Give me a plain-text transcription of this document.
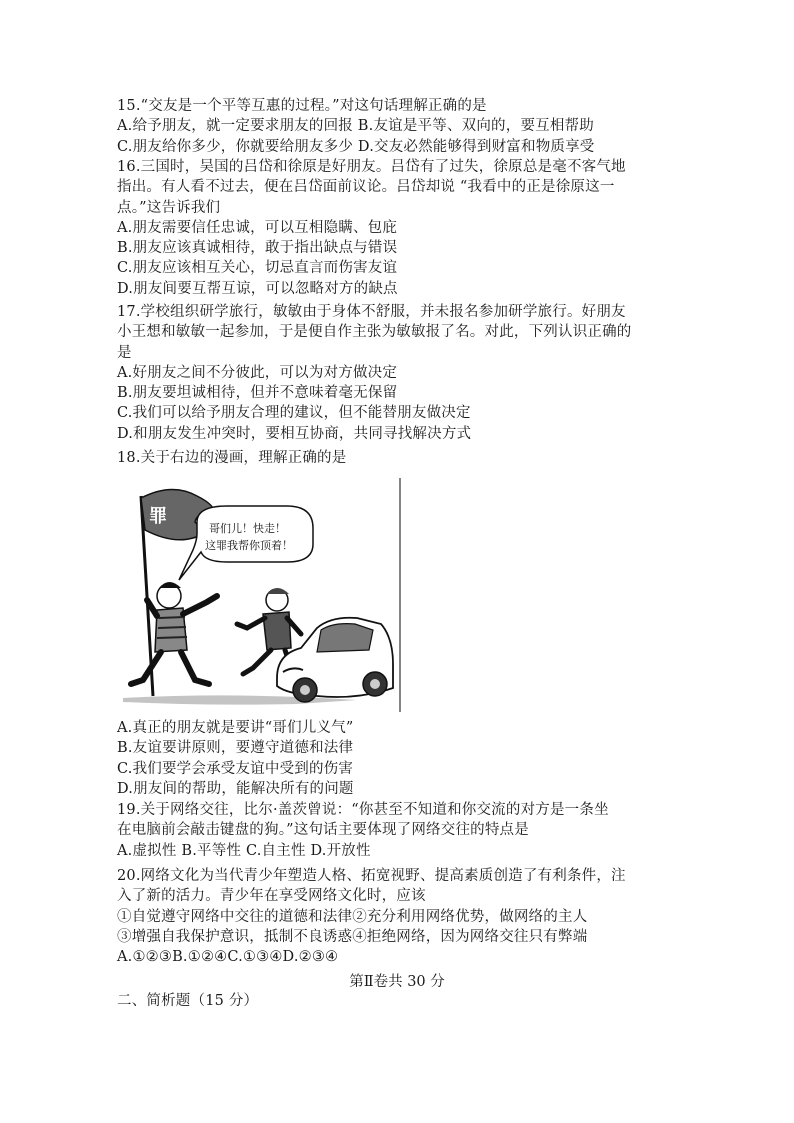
15.“交友是一个平等互惠的过程。”对这句话理解正确的是
A.给予朋友，就一定要求朋友的回报 B.友谊是平等、双向的，要互相帮助
C.朋友给你多少，你就要给朋友多少 D.交友必然能够得到财富和物质享受
16.三国时，吴国的吕岱和徐原是好朋友。吕岱有了过失，徐原总是毫不客气地
指出。有人看不过去，便在吕岱面前议论。吕岱却说 “我看中的正是徐原这一
点。”这告诉我们
A.朋友需要信任忠诚，可以互相隐瞒、包庇
B.朋友应该真诚相待，敢于指出缺点与错误
C.朋友应该相互关心，切忌直言而伤害友谊
D.朋友间要互帮互谅，可以忽略对方的缺点
17.学校组织研学旅行，敏敏由于身体不舒服，并未报名参加研学旅行。好朋友
小王想和敏敏一起参加，于是便自作主张为敏敏报了名。对此，下列认识正确的
是
A.好朋友之间不分彼此，可以为对方做决定
B.朋友要坦诚相待，但并不意味着毫无保留
C.我们可以给予朋友合理的建议，但不能替朋友做决定
D.和朋友发生冲突时，要相互协商，共同寻找解决方式
18.关于右边的漫画，理解正确的是
罪
哥们儿！快走！
这罪我帮你顶着！
A.真正的朋友就是要讲“哥们儿义气”
B.友谊要讲原则，要遵守道德和法律
C.我们要学会承受友谊中受到的伤害
D.朋友间的帮助，能解决所有的问题
19.关于网络交往，比尔·盖茨曾说：“你甚至不知道和你交流的对方是一条坐
在电脑前会敲击键盘的狗。”这句话主要体现了网络交往的特点是
A.虚拟性 B.平等性 C.自主性 D.开放性
20.网络文化为当代青少年塑造人格、拓宽视野、提高素质创造了有利条件，注
入了新的活力。青少年在享受网络文化时，应该
①自觉遵守网络中交往的道德和法律②充分利用网络优势，做网络的主人
③增强自我保护意识，抵制不良诱惑④拒绝网络，因为网络交往只有弊端
A.①②③B.①②④C.①③④D.②③④
第Ⅱ卷共 30 分
二、简析题（15 分）
